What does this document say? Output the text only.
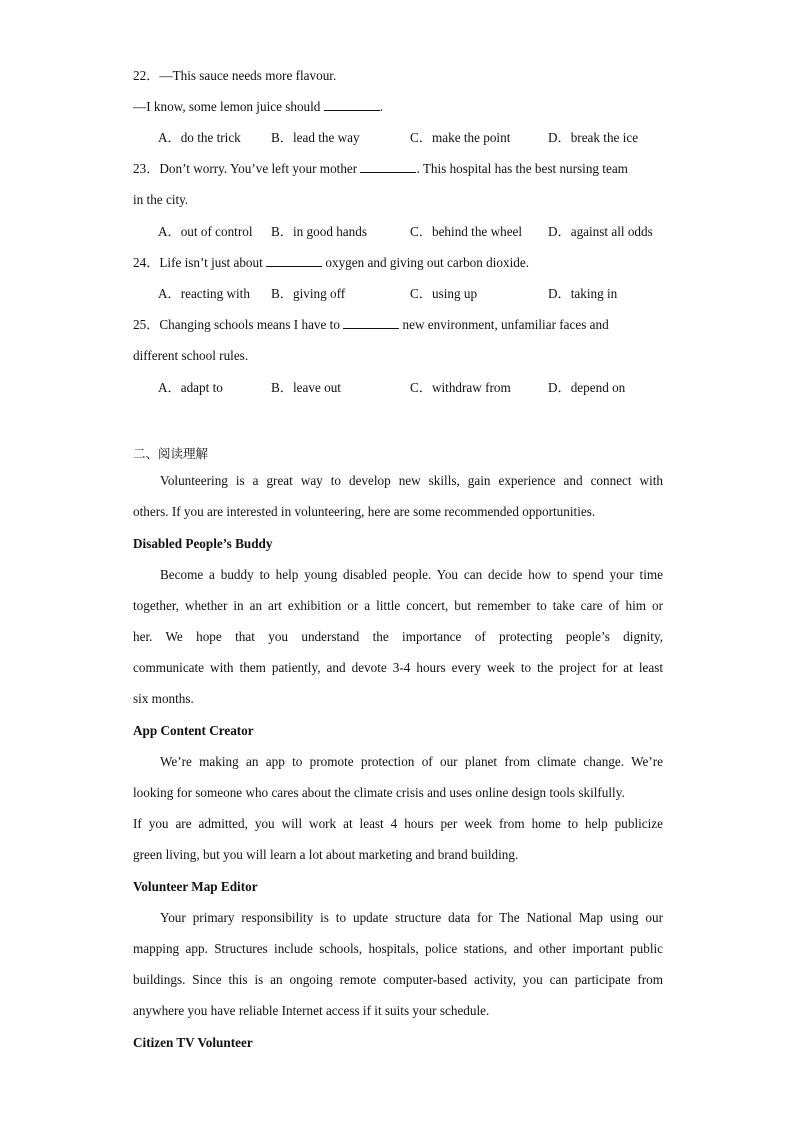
22．—This sauce needs more flavour.
—I know, some lemon juice should	.
A．do the trick B．lead the way	C．make the point	D．break the ice
23．Don’t worry. You’ve left your mother	. This hospital has the best nursing team
in the city.
A．out of control B．in good hands	C．behind the wheel D．against all odds
24．Life isn’t just about	oxygen and giving out carbon dioxide.
A．reacting with B．giving off	C．using up	D．taking in
25．Changing schools means I have to	new environment, unfamiliar faces and
different school rules.
A．adapt to	B．leave out	C．withdraw from	D．depend on
二、阅读理解
Volunteering is a great way to develop new skills, gain experience and connect with
others. If you are interested in volunteering, here are some recommended opportunities.
Disabled People’s Buddy
Become a buddy to help young disabled people. You can decide how to spend your time
together, whether in an art exhibition or a little concert, but remember to take care of him or
her. We hope that you understand the importance of protecting people’s dignity,
communicate with them patiently, and devote 3-4 hours every week to the project for at least
six months.
App Content Creator
We’re making an app to promote protection of our planet from climate change. We’re
looking for someone who cares about the climate crisis and uses online design tools skilfully.
If you are admitted, you will work at least 4 hours per week from home to help publicize
green living, but you will learn a lot about marketing and brand building.
Volunteer Map Editor
Your primary responsibility is to update structure data for The National Map using our
mapping app. Structures include schools, hospitals, police stations, and other important public
buildings. Since this is an ongoing remote computer-based activity, you can participate from
anywhere you have reliable Internet access if it suits your schedule.
Citizen TV Volunteer
